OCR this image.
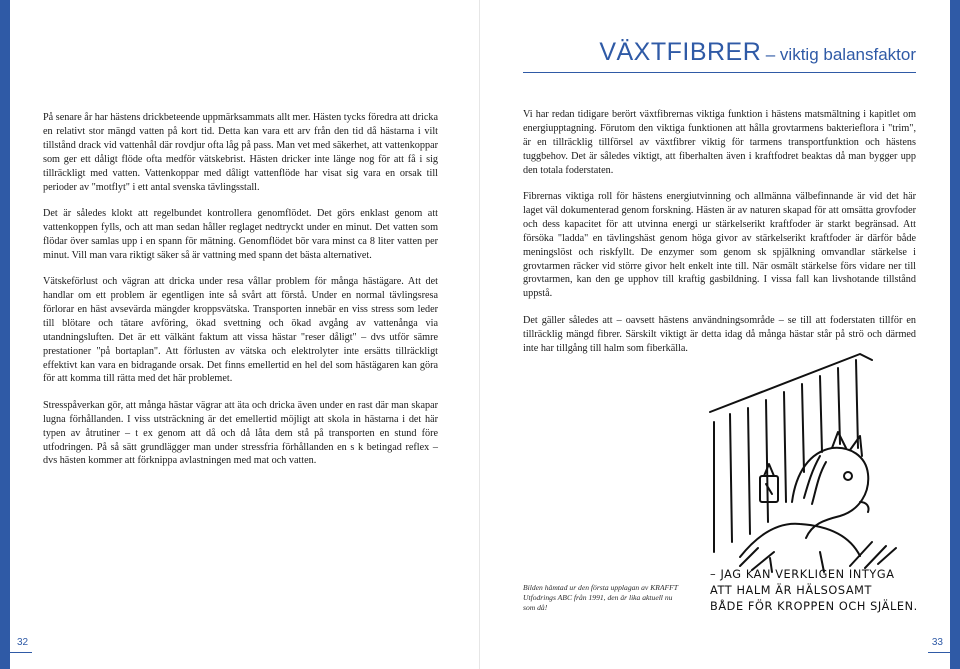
VÄXTFIBRER – viktig balansfaktor

På senare år har hästens drickbeteende uppmärksammats allt mer. Hästen tycks föredra att dricka en relativt stor mängd vatten på kort tid. Detta kan vara ett arv från den tid då hästarna i vilt tillstånd drack vid vattenhål där rovdjur ofta låg på pass. Man vet med säkerhet, att vattenkoppar som ger ett dåligt flöde ofta medför vätskebrist. Hästen dricker inte länge nog för att få i sig tillräckligt med vatten. Vattenkoppar med dåligt vattenflöde har visat sig vara en orsak till perioder av "motflyt" i ett antal svenska tävlingsstall.

Det är således klokt att regelbundet kontrollera genomflödet. Det görs enklast genom att vattenkoppen fylls, och att man sedan håller reglaget nedtryckt under en minut. Det vatten som flödar över samlas upp i en spann för mätning. Genomflödet bör vara minst ca 8 liter vatten per minut. Vill man vara riktigt säker så är vattning med spann det bästa alternativet.

Vätskeförlust och vägran att dricka under resa vållar problem för många hästägare. Att det handlar om ett problem är egentligen inte så svårt att förstå. Under en normal tävlingsresa förlorar en häst avsevärda mängder kroppsvätska. Transporten innebär en viss stress som leder till blötare och tätare avföring, ökad svettning och ökad avgång av vattenånga via utandningsluften. Det är ett välkänt faktum att vissa hästar "reser dåligt" – dvs utför sämre prestationer "på bortaplan". Att förlusten av vätska och elektrolyter inte ersätts tillräckligt effektivt kan vara en bidragande orsak. Det finns emellertid en hel del som hästägaren kan göra för att komma till rätta med det här problemet.

Stresspåverkan gör, att många hästar vägrar att äta och dricka även under en rast där man skapar lugna förhållanden. I viss utsträckning är det emellertid möjligt att skola in hästarna i det här typen av åtrutiner – t ex genom att då och då låta dem stå på transporten en stund före utfodringen. På så sätt grundlägger man under stressfria förhållanden en s k betingad reflex – dvs hästen kommer att förknippa avlastningen med mat och vatten.

Vi har redan tidigare berört växtfibrernas viktiga funktion i hästens matsmältning i kapitlet om energiupptagning. Förutom den viktiga funktionen att hålla grovtarmens bakterieflora i "trim", är en tillräcklig tillförsel av växtfibrer viktig för tarmens transportfunktion och hästens tuggbehov. Det är således viktigt, att fiberhalten även i kraftfodret beaktas då man bygger upp den totala foderstaten.

Fibrernas viktiga roll för hästens energiutvinning och allmänna välbefinnande är vid det här laget väl dokumenterad genom forskning. Hästen är av naturen skapad för att omsätta grovfoder och dess kapacitet för att utvinna energi ur stärkelserikt kraftfoder är starkt begränsad. Att försöka "ladda" en tävlingshäst genom höga givor av stärkelserikt kraftfoder är därför både meningslöst och riskfyllt. De enzymer som genom sk spjälkning omvandlar stärkelse i grovtarmen räcker vid större givor helt enkelt inte till. När osmält stärkelse förs vidare ner till grovtarmen, kan den ge upphov till kraftig gasbildning. I vissa fall kan livshotande tillstånd uppstå.

Det gäller således att – oavsett hästens användningsområde – se till att foderstaten tillför en tillräcklig mängd fibrer. Särskilt viktigt är detta idag då många hästar står på strö och därmed inte har tillgång till halm som fiberkälla.

– JAG KAN VERKLIGEN INTYGA
ATT HALM ÄR HÄLSOSAMT
BÅDE FÖR KROPPEN OCH SJÄLEN.
Bilden hämtad ur den första upplagan av KRAFFT Utfodrings ABC från 1991, den är lika aktuell nu som då!
32	33
